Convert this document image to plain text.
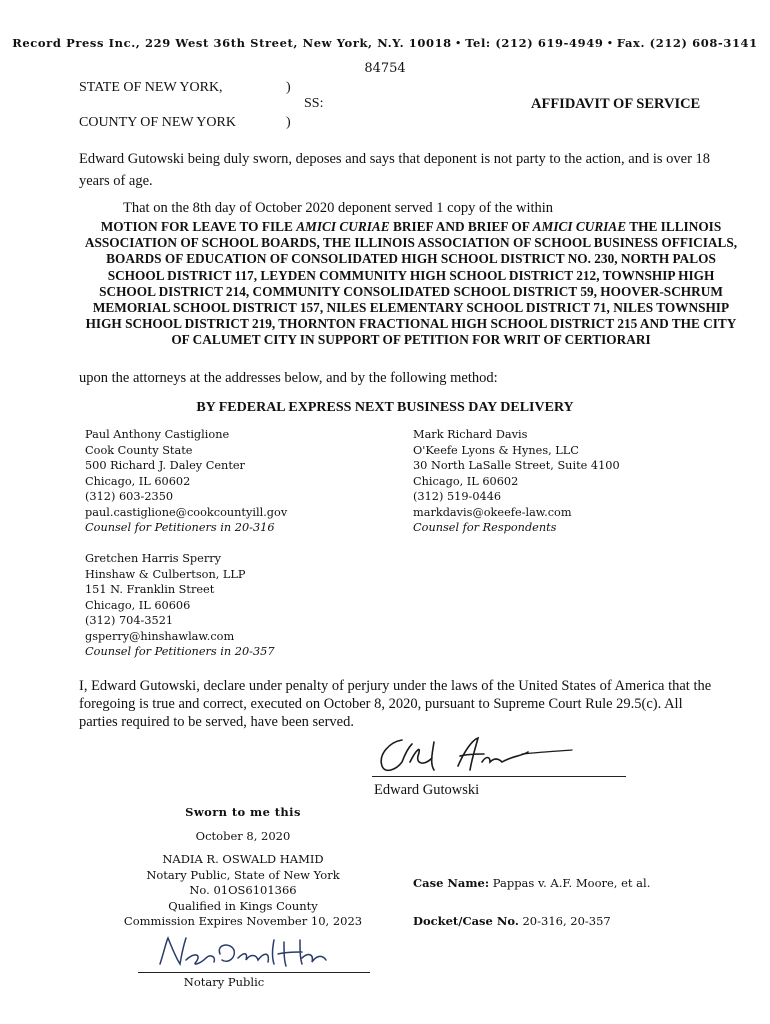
Record Press Inc., 229 West 36th Street, New York, N.Y. 10018 • Tel: (212) 619-4949 • Fax. (212) 608-3141
84754
STATE OF NEW YORK,	)
SS:
COUNTY OF NEW YORK	)
AFFIDAVIT OF SERVICE
Edward Gutowski being duly sworn, deposes and says that deponent is not party to the action, and is over 18 years of age.
That on the 8th day of October 2020 deponent served 1 copy of the within
MOTION FOR LEAVE TO FILE AMICI CURIAE BRIEF AND BRIEF OF AMICI CURIAE THE ILLINOIS ASSOCIATION OF SCHOOL BOARDS, THE ILLINOIS ASSOCIATION OF SCHOOL BUSINESS OFFICIALS, BOARDS OF EDUCATION OF CONSOLIDATED HIGH SCHOOL DISTRICT NO. 230, NORTH PALOS SCHOOL DISTRICT 117, LEYDEN COMMUNITY HIGH SCHOOL DISTRICT 212, TOWNSHIP HIGH SCHOOL DISTRICT 214, COMMUNITY CONSOLIDATED SCHOOL DISTRICT 59, HOOVER-SCHRUM MEMORIAL SCHOOL DISTRICT 157, NILES ELEMENTARY SCHOOL DISTRICT 71, NILES TOWNSHIP HIGH SCHOOL DISTRICT 219, THORNTON FRACTIONAL HIGH SCHOOL DISTRICT 215 AND THE CITY OF CALUMET CITY IN SUPPORT OF PETITION FOR WRIT OF CERTIORARI
upon the attorneys at the addresses below, and by the following method:
BY FEDERAL EXPRESS NEXT BUSINESS DAY DELIVERY
Paul Anthony Castiglione
Cook County State
500 Richard J. Daley Center
Chicago, IL 60602
(312) 603-2350
paul.castiglione@cookcountyill.gov
Counsel for Petitioners in 20-316
Mark Richard Davis
O'Keefe Lyons & Hynes, LLC
30 North LaSalle Street, Suite 4100
Chicago, IL 60602
(312) 519-0446
markdavis@okeefe-law.com
Counsel for Respondents
Gretchen Harris Sperry
Hinshaw & Culbertson, LLP
151 N. Franklin Street
Chicago, IL 60606
(312) 704-3521
gsperry@hinshawlaw.com
Counsel for Petitioners in 20-357
I, Edward Gutowski, declare under penalty of perjury under the laws of the United States of America that the foregoing is true and correct, executed on October 8, 2020, pursuant to Supreme Court Rule 29.5(c). All parties required to be served, have been served.
Edward Gutowski
Sworn to me this
October 8, 2020
NADIA R. OSWALD HAMID
Notary Public, State of New York
No. 01OS6101366
Qualified in Kings County
Commission Expires November 10, 2023
Notary Public
Case Name: Pappas v. A.F. Moore, et al.
Docket/Case No. 20-316, 20-357
